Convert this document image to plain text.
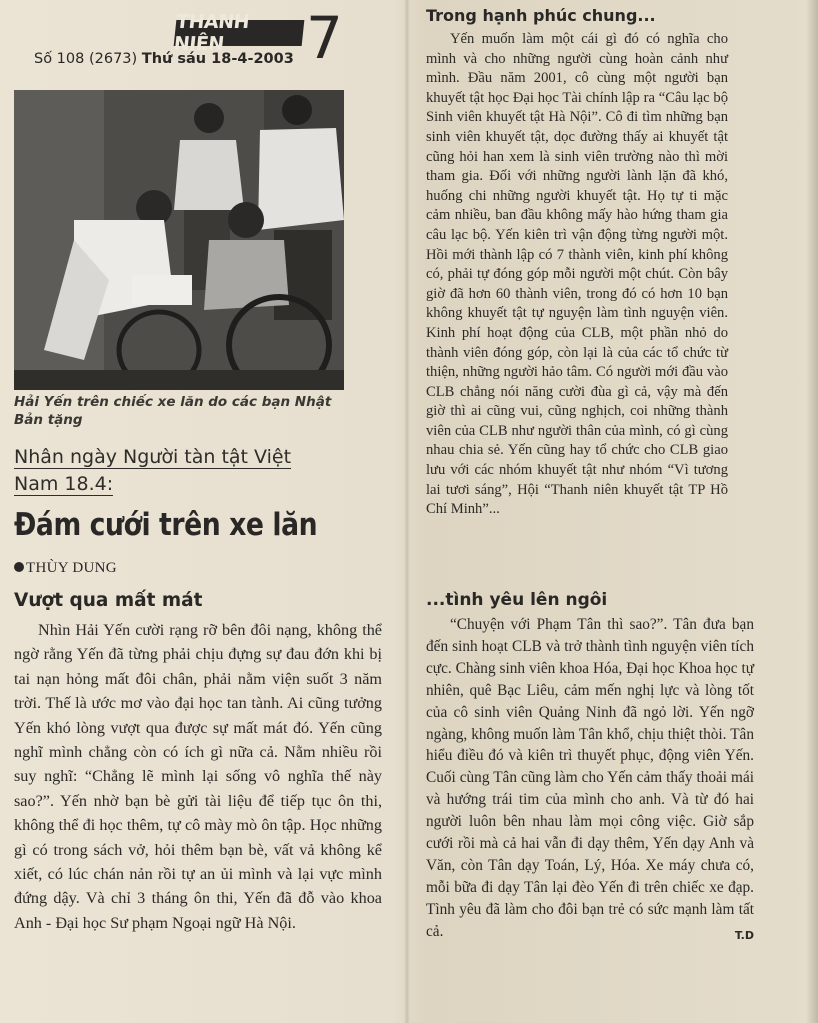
THANH NIÊN	7
Số 108 (2673) Thứ sáu 18-4-2003
Hải Yến trên chiếc xe lăn do các bạn Nhật Bản tặng
Nhân ngày Người tàn tật Việt Nam 18.4:
Đám cưới trên xe lăn
THÙY DUNG
Vượt qua mất mát

Nhìn Hải Yến cười rạng rỡ bên đôi nạng, không thể ngờ rằng Yến đã từng phải chịu đựng sự đau đớn khi bị tai nạn hỏng mất đôi chân, phải nằm viện suốt 3 năm trời. Thế là ước mơ vào đại học tan tành. Ai cũng tưởng Yến khó lòng vượt qua được sự mất mát đó. Yến cũng nghĩ mình chẳng còn có ích gì nữa cả. Nằm nhiều rồi suy nghĩ: “Chẳng lẽ mình lại sống vô nghĩa thế này sao?”. Yến nhờ bạn bè gửi tài liệu để tiếp tục ôn thi, không thể đi học thêm, tự cô mày mò ôn tập. Học những gì có trong sách vở, hỏi thêm bạn bè, vất vả không kể xiết, có lúc chán nản rồi tự an ủi mình và lại vực mình đứng dậy. Và chỉ 3 tháng ôn thi, Yến đã đỗ vào khoa Anh - Đại học Sư phạm Ngoại ngữ Hà Nội.

Trong hạnh phúc chung...

Yến muốn làm một cái gì đó có nghĩa cho mình và cho những người cùng hoàn cảnh như mình. Đầu năm 2001, cô cùng một người bạn khuyết tật học Đại học Tài chính lập ra “Câu lạc bộ Sinh viên khuyết tật Hà Nội”. Cô đi tìm những bạn sinh viên khuyết tật, dọc đường thấy ai khuyết tật cũng hỏi han xem là sinh viên trường nào thì mời tham gia. Đối với những người lành lặn đã khó, huống chi những người khuyết tật. Họ tự ti mặc cảm nhiều, ban đầu không mấy hào hứng tham gia câu lạc bộ. Yến kiên trì vận động từng người một. Hồi mới thành lập có 7 thành viên, kinh phí không có, phải tự đóng góp mỗi người một chút. Còn bây giờ đã hơn 60 thành viên, trong đó có hơn 10 bạn không khuyết tật tự nguyện làm tình nguyện viên. Kinh phí hoạt động của CLB, một phần nhỏ do thành viên đóng góp, còn lại là của các tổ chức từ thiện, những người hảo tâm. Có người mới đầu vào CLB chẳng nói năng cười đùa gì cả, vậy mà đến giờ thì ai cũng vui, cũng nghịch, coi những thành viên của CLB như người thân của mình, có gì cùng nhau chia sẻ. Yến cũng hay tổ chức cho CLB giao lưu với các nhóm khuyết tật như nhóm “Vì tương lai tươi sáng”, Hội “Thanh niên khuyết tật TP Hồ Chí Minh”...

...tình yêu lên ngôi

“Chuyện với Phạm Tân thì sao?”. Tân đưa bạn đến sinh hoạt CLB và trở thành tình nguyện viên tích cực. Chàng sinh viên khoa Hóa, Đại học Khoa học tự nhiên, quê Bạc Liêu, cảm mến nghị lực và lòng tốt của cô sinh viên Quảng Ninh đã ngỏ lời. Yến ngỡ ngàng, không muốn làm Tân khổ, chịu thiệt thòi. Tân hiểu điều đó và kiên trì thuyết phục, động viên Yến. Cuối cùng Tân cũng làm cho Yến cảm thấy thoải mái và hướng trái tim của mình cho anh. Và từ đó hai người luôn bên nhau làm mọi công việc. Giờ sắp cưới rồi mà cả hai vẫn đi dạy thêm, Yến dạy Anh và Văn, còn Tân dạy Toán, Lý, Hóa. Xe máy chưa có, mỗi bữa đi dạy Tân lại đèo Yến đi trên chiếc xe đạp. Tình yêu đã làm cho đôi bạn trẻ có sức mạnh làm tất cả.	T.D
